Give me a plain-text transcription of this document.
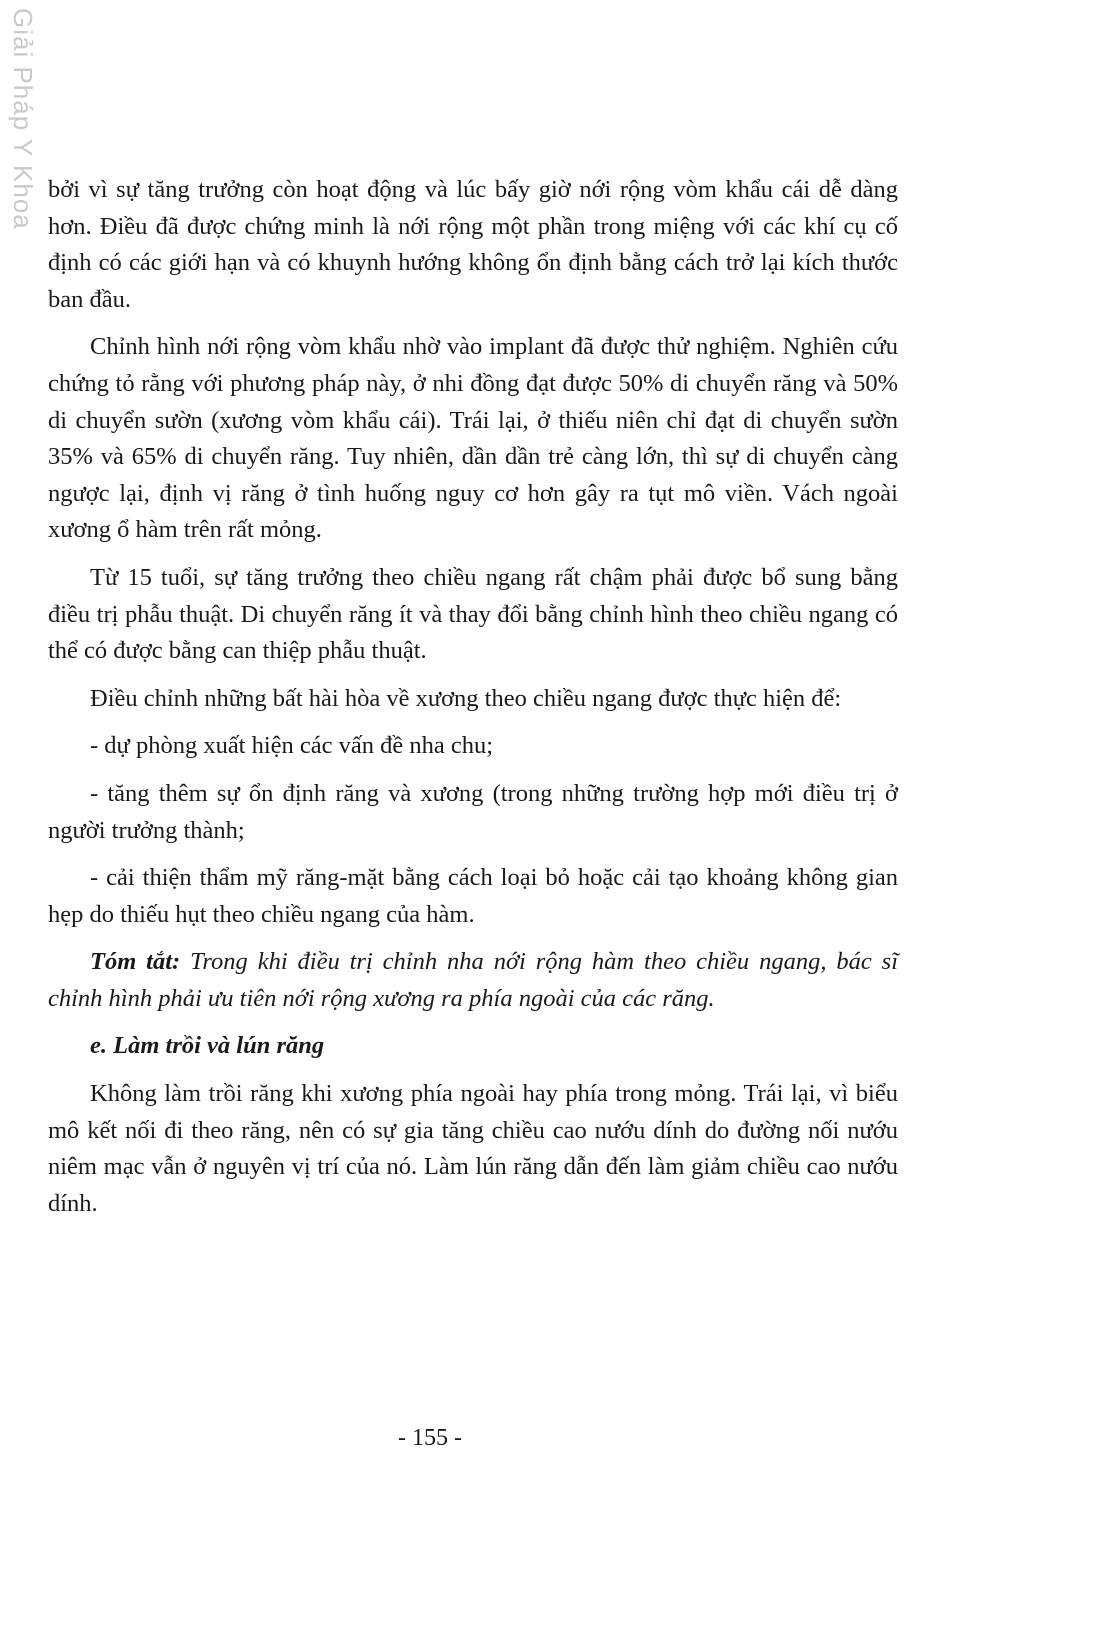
Giải Pháp Y Khoa bởi vì sự tăng trưởng còn hoạt động và lúc bấy giờ nới rộng vòm khẩu cái dễ dàng hơn. Điều đã được chứng minh là nới rộng một phần trong miệng với các khí cụ cố định có các giới hạn và có khuynh hướng không ổn định bằng cách trở lại kích thước ban đầu.

Chỉnh hình nới rộng vòm khẩu nhờ vào implant đã được thử nghiệm. Nghiên cứu chứng tỏ rằng với phương pháp này, ở nhi đồng đạt được 50% di chuyển răng và 50% di chuyển sườn (xương vòm khẩu cái). Trái lại, ở thiếu niên chỉ đạt di chuyển sườn 35% và 65% di chuyển răng. Tuy nhiên, dần dần trẻ càng lớn, thì sự di chuyển càng ngược lại, định vị răng ở tình huống nguy cơ hơn gây ra tụt mô viền. Vách ngoài xương ổ hàm trên rất mỏng.

Từ 15 tuổi, sự tăng trưởng theo chiều ngang rất chậm phải được bổ sung bằng điều trị phẫu thuật. Di chuyển răng ít và thay đổi bằng chỉnh hình theo chiều ngang có thể có được bằng can thiệp phẫu thuật.

Điều chỉnh những bất hài hòa về xương theo chiều ngang được thực hiện để:

- dự phòng xuất hiện các vấn đề nha chu;

- tăng thêm sự ổn định răng và xương (trong những trường hợp mới điều trị ở người trưởng thành;

- cải thiện thẩm mỹ răng-mặt bằng cách loại bỏ hoặc cải tạo khoảng không gian hẹp do thiếu hụt theo chiều ngang của hàm.

Tóm tắt: Trong khi điều trị chỉnh nha nới rộng hàm theo chiều ngang, bác sĩ chỉnh hình phải ưu tiên nới rộng xương ra phía ngoài của các răng.

e. Làm trồi và lún răng

Không làm trồi răng khi xương phía ngoài hay phía trong mỏng. Trái lại, vì biểu mô kết nối đi theo răng, nên có sự gia tăng chiều cao nướu dính do đường nối nướu niêm mạc vẫn ở nguyên vị trí của nó. Làm lún răng dẫn đến làm giảm chiều cao nướu dính.

- 155 -
